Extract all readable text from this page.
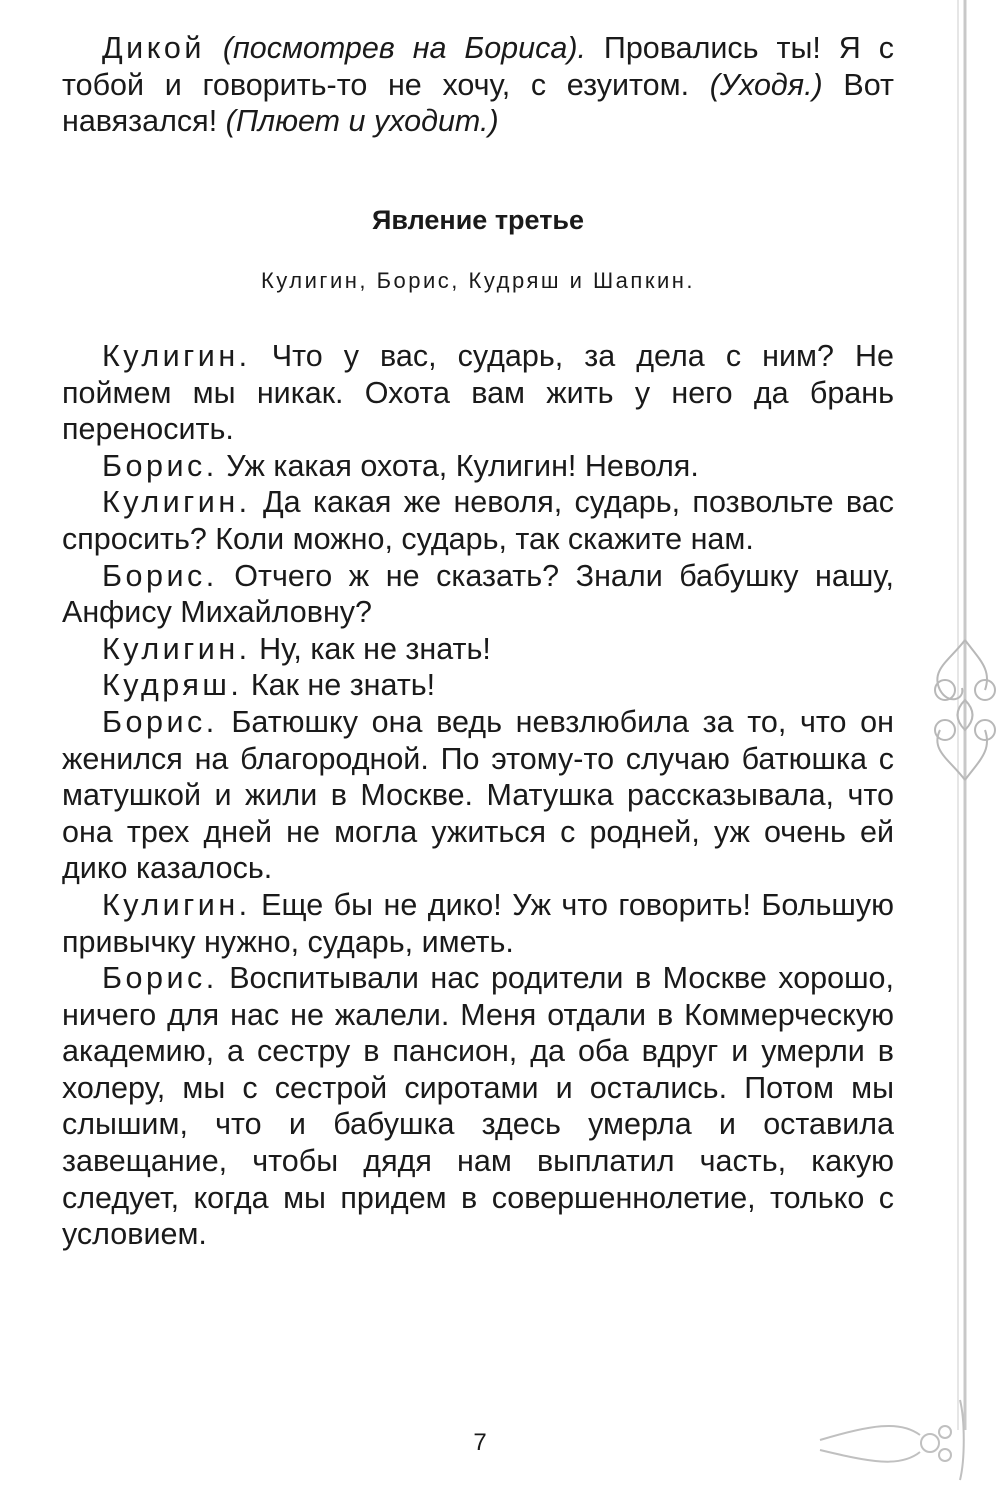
Дикой (посмотрев на Бориса). Провались ты! Я с тобой и говорить-то не хочу, с езуитом. (Уходя.) Вот навязался! (Плюет и уходит.)

Явление третье
Кулигин, Борис, Кудряш и Шапкин.

Кулигин. Что у вас, сударь, за дела с ним? Не поймем мы никак. Охота вам жить у него да брань переносить.

Борис. Уж какая охота, Кулигин! Неволя.

Кулигин. Да какая же неволя, сударь, позвольте вас спросить? Коли можно, сударь, так скажите нам.

Борис. Отчего ж не сказать? Знали бабушку нашу, Анфису Михайловну?

Кулигин. Ну, как не знать!

Кудряш. Как не знать!

Борис. Батюшку она ведь невзлюбила за то, что он женился на благородной. По этому-то случаю батюшка с матушкой и жили в Москве. Матушка рассказывала, что она трех дней не могла ужиться с родней, уж очень ей дико казалось.

Кулигин. Еще бы не дико! Уж что говорить! Большую привычку нужно, сударь, иметь.

Борис. Воспитывали нас родители в Москве хорошо, ничего для нас не жалели. Меня отдали в Коммерческую академию, а сестру в пансион, да оба вдруг и умерли в холеру, мы с сестрой сиротами и остались. Потом мы слышим, что и бабушка здесь умерла и оставила завещание, чтобы дядя нам выплатил часть, какую следует, когда мы придем в совершеннолетие, только с условием.

7
